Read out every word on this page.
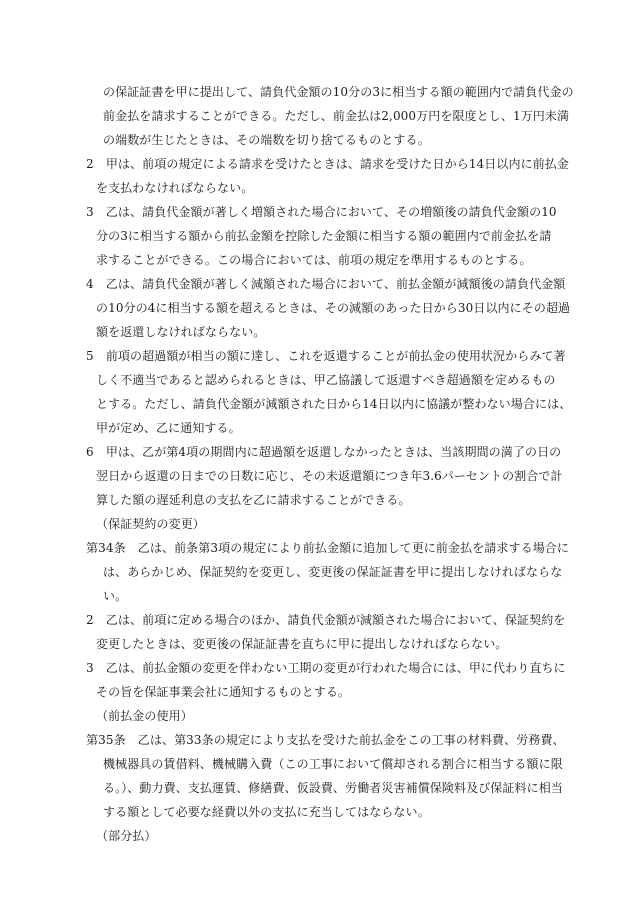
の保証証書を甲に提出して、請負代金額の10分の3に相当する額の範囲内で請負代金の
前金払を請求することができる。ただし、前金払は2,000万円を限度とし、1万円未満
の端数が生じたときは、その端数を切り捨てるものとする。
2　甲は、前項の規定による請求を受けたときは、請求を受けた日から14日以内に前払金
を支払わなければならない。
3　乙は、請負代金額が著しく増額された場合において、その増額後の請負代金額の10
分の3に相当する額から前払金額を控除した金額に相当する額の範囲内で前金払を請
求することができる。この場合においては、前項の規定を準用するものとする。
4　乙は、請負代金額が著しく減額された場合において、前払金額が減額後の請負代金額
の10分の4に相当する額を超えるときは、その減額のあった日から30日以内にその超過
額を返還しなければならない。
5　前項の超過額が相当の額に達し、これを返還することが前払金の使用状況からみて著
しく不適当であると認められるときは、甲乙協議して返還すべき超過額を定めるもの
とする。ただし、請負代金額が減額された日から14日以内に協議が整わない場合には、
甲が定め、乙に通知する。
6　甲は、乙が第4項の期間内に超過額を返還しなかったときは、当該期間の満了の日の
翌日から返還の日までの日数に応じ、その未返還額につき年3.6パーセントの割合で計
算した額の遅延利息の支払を乙に請求することができる。
（保証契約の変更）
第34条　乙は、前条第3項の規定により前払金額に追加して更に前金払を請求する場合に
は、あらかじめ、保証契約を変更し、変更後の保証証書を甲に提出しなければならな
い。
2　乙は、前項に定める場合のほか、請負代金額が減額された場合において、保証契約を
変更したときは、変更後の保証証書を直ちに甲に提出しなければならない。
3　乙は、前払金額の変更を伴わない工期の変更が行われた場合には、甲に代わり直ちに
その旨を保証事業会社に通知するものとする。
（前払金の使用）
第35条　乙は、第33条の規定により支払を受けた前払金をこの工事の材料費、労務費、
機械器具の賃借料、機械購入費（この工事において償却される割合に相当する額に限
る。）、動力費、支払運賃、修繕費、仮設費、労働者災害補償保険料及び保証料に相当
する額として必要な経費以外の支払に充当してはならない。
（部分払）
